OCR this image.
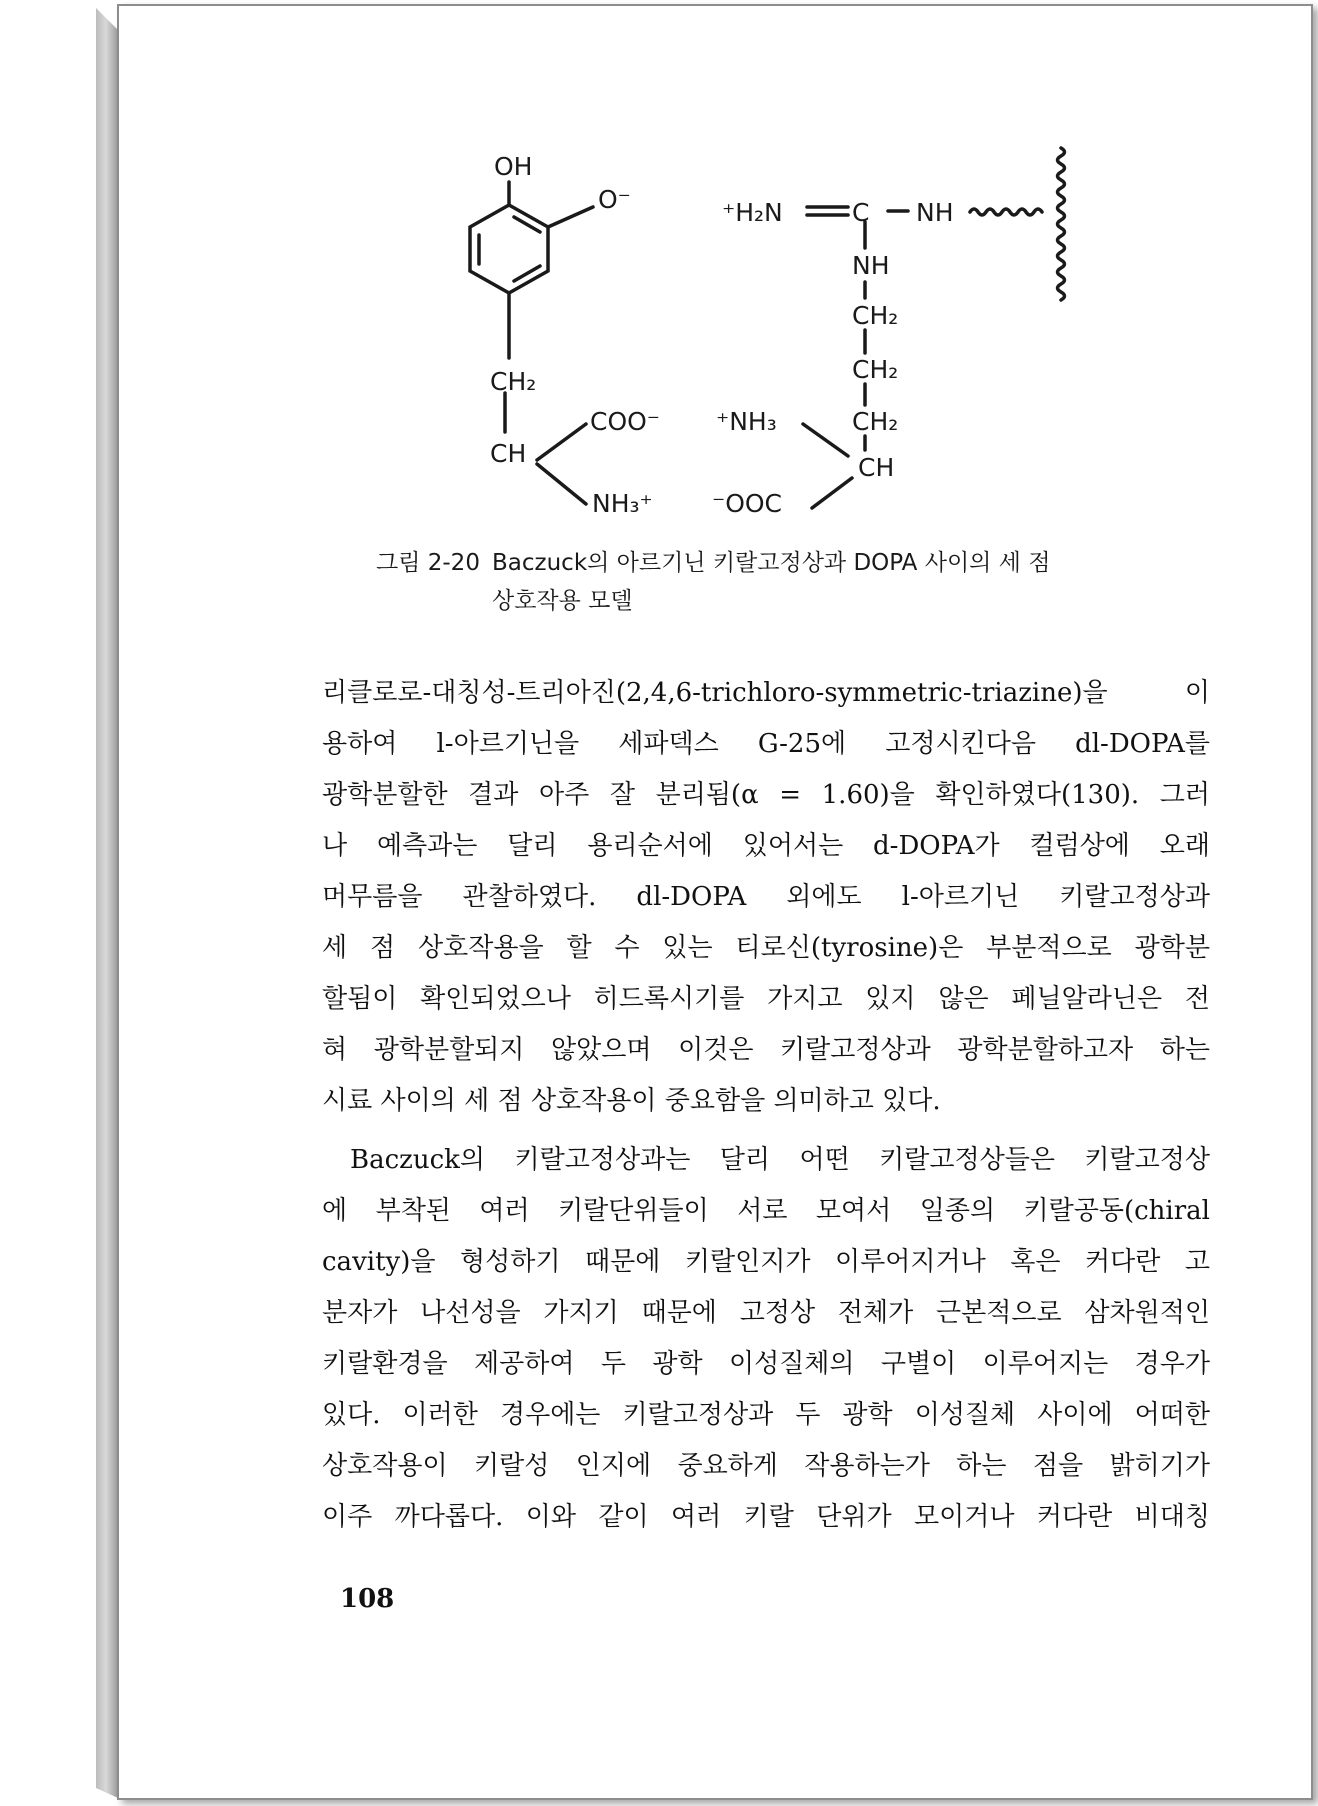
OH
O⁻
CH₂
CH
COO⁻
NH₃⁺
⁺H₂N	C NH
NH
CH₂
CH₂
CH₂
CH
⁺NH₃
⁻OOC
그림 2-20 Baczuck의 아르기닌 키랄고정상과 DOPA 사이의 세 점
상호작용 모델

리클로로-대칭성-트리아진(2,4,6-trichloro-symmetric-triazine)을 이

용하여 l-아르기닌을 세파덱스 G-25에 고정시킨다음 dl-DOPA를

광학분할한 결과 아주 잘 분리됨(α = 1.60)을 확인하였다(130). 그러

나 예측과는 달리 용리순서에 있어서는 d-DOPA가 컬럼상에 오래

머무름을 관찰하였다. dl-DOPA 외에도 l-아르기닌 키랄고정상과

세 점 상호작용을 할 수 있는 티로신(tyrosine)은 부분적으로 광학분

할됨이 확인되었으나 히드록시기를 가지고 있지 않은 페닐알라닌은 전

혀 광학분할되지 않았으며 이것은 키랄고정상과 광학분할하고자 하는

시료 사이의 세 점 상호작용이 중요함을 의미하고 있다.

Baczuck의 키랄고정상과는 달리 어떤 키랄고정상들은 키랄고정상

에 부착된 여러 키랄단위들이 서로 모여서 일종의 키랄공동(chiral

cavity)을 형성하기 때문에 키랄인지가 이루어지거나 혹은 커다란 고

분자가 나선성을 가지기 때문에 고정상 전체가 근본적으로 삼차원적인

키랄환경을 제공하여 두 광학 이성질체의 구별이 이루어지는 경우가

있다. 이러한 경우에는 키랄고정상과 두 광학 이성질체 사이에 어떠한

상호작용이 키랄성 인지에 중요하게 작용하는가 하는 점을 밝히기가

이주 까다롭다. 이와 같이 여러 키랄 단위가 모이거나 커다란 비대칭

108
